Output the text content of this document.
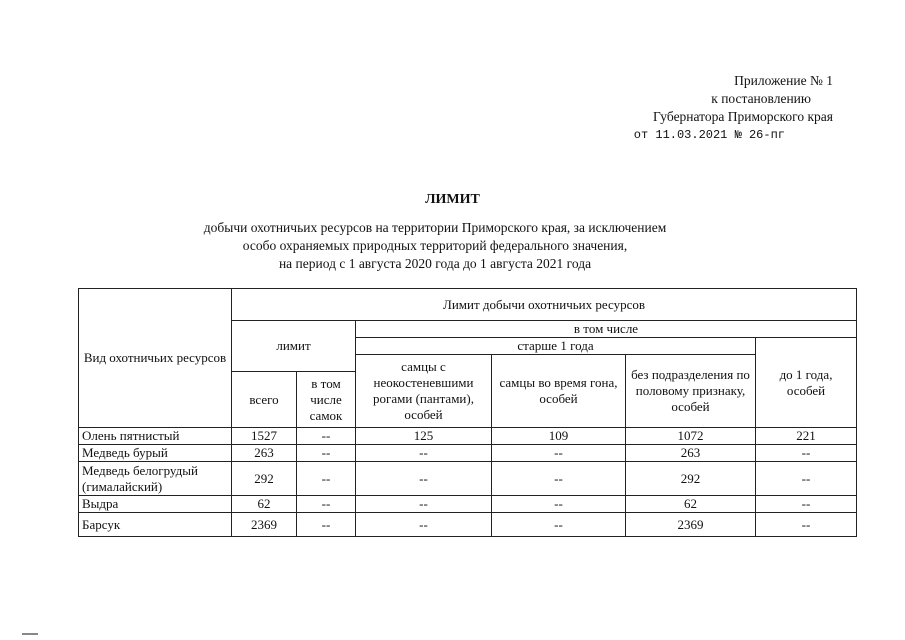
Приложение № 1
к постановлению
Губернатора Приморского края
от 11.03.2021 № 26-пг
ЛИМИТ
добычи охотничьих ресурсов на территории Приморского края, за исключением
особо охраняемых природных территорий федерального значения,
на период с 1 августа 2020 года до 1 августа 2021 года
Вид охотничьих ресурсов	Лимит добычи охотничьих ресурсов					
	лимит		в том числе			
			старше 1 года			до 1 года, особей
			самцы с неокостеневшими рогами (пантами), особей	самцы во время гона, особей	без подразделения по половому признаку, особей	
	всего	в том числе самок				
Олень пятнистый	1527	--	125	109	1072	221
Медведь бурый	263	--	--	--	263	--
Медведь белогрудый (гималайский)	292	--	--	--	292	--
Выдра	62	--	--	--	62	--
Барсук	2369	--	--	--	2369	--
